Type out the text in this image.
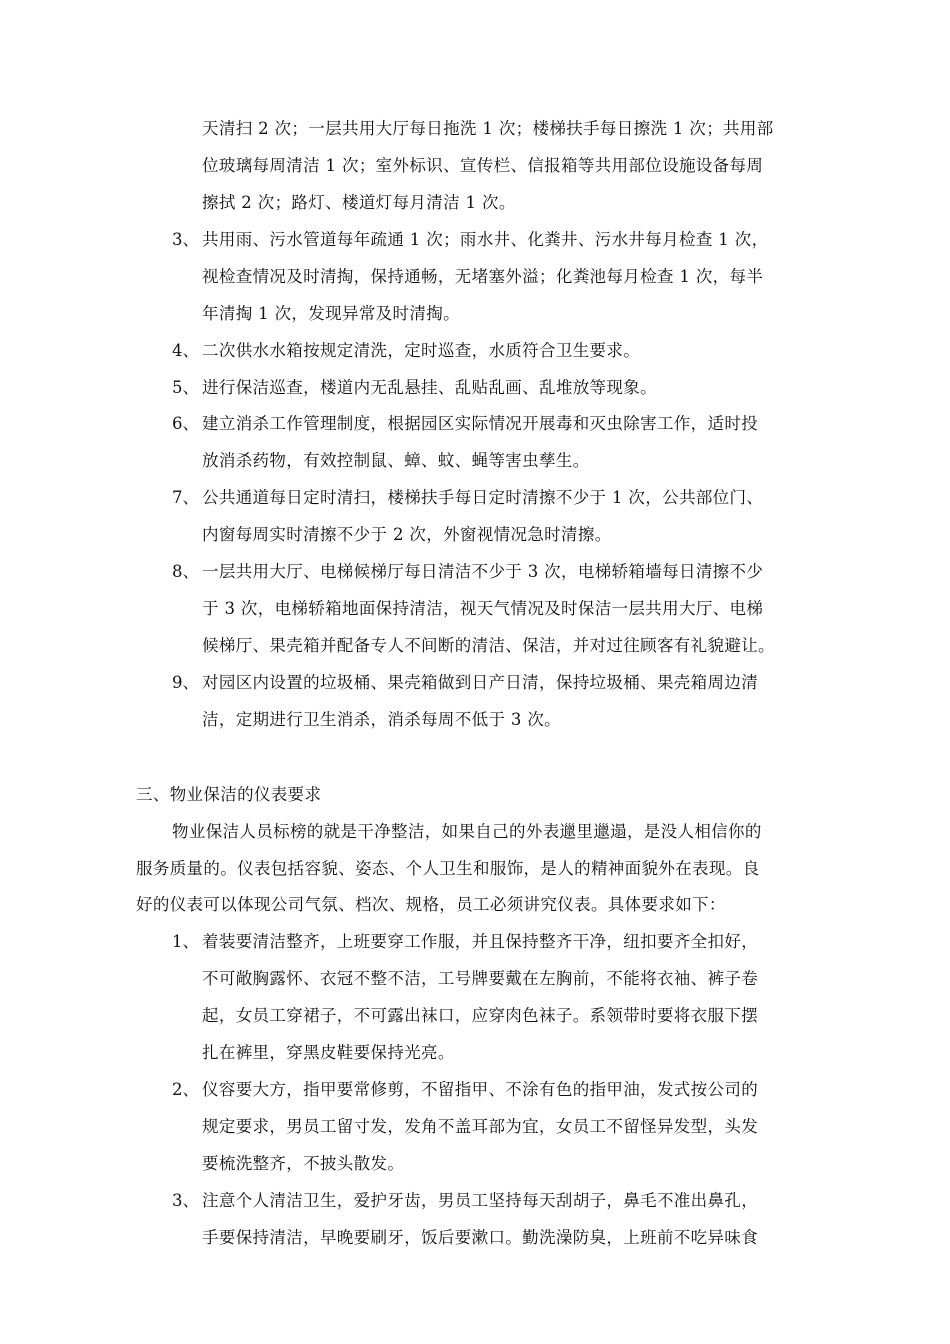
天清扫 2 次；一层共用大厅每日拖洗 1 次；楼梯扶手每日擦洗 1 次；共用部
位玻璃每周清洁 1 次；室外标识、宣传栏、信报箱等共用部位设施设备每周
擦拭 2 次；路灯、楼道灯每月清洁 1 次。
3、 共用雨、污水管道每年疏通 1 次；雨水井、化粪井、污水井每月检查 1 次，
视检查情况及时清掏，保持通畅，无堵塞外溢；化粪池每月检查 1 次，每半
年清掏 1 次，发现异常及时清掏。
4、 二次供水水箱按规定清洗，定时巡查，水质符合卫生要求。
5、 进行保洁巡查，楼道内无乱悬挂、乱贴乱画、乱堆放等现象。
6、 建立消杀工作管理制度，根据园区实际情况开展毒和灭虫除害工作，适时投
放消杀药物，有效控制鼠、蟑、蚊、蝇等害虫孳生。
7、 公共通道每日定时清扫，楼梯扶手每日定时清擦不少于 1 次，公共部位门、
内窗每周实时清擦不少于 2 次，外窗视情况急时清擦。
8、 一层共用大厅、电梯候梯厅每日清洁不少于 3 次，电梯轿箱墙每日清擦不少
于 3 次，电梯轿箱地面保持清洁，视天气情况及时保洁一层共用大厅、电梯
候梯厅、果壳箱并配备专人不间断的清洁、保洁，并对过往顾客有礼貌避让。
9、 对园区内设置的垃圾桶、果壳箱做到日产日清，保持垃圾桶、果壳箱周边清
洁，定期进行卫生消杀，消杀每周不低于 3 次。
三、物业保洁的仪表要求
物业保洁人员标榜的就是干净整洁，如果自己的外表邋里邋遢，是没人相信你的
服务质量的。仪表包括容貌、姿态、个人卫生和服饰，是人的精神面貌外在表现。良
好的仪表可以体现公司气氛、档次、规格，员工必须讲究仪表。具体要求如下：
1、 着装要清洁整齐，上班要穿工作服，并且保持整齐干净，纽扣要齐全扣好，
不可敞胸露怀、衣冠不整不洁，工号牌要戴在左胸前，不能将衣袖、裤子卷
起，女员工穿裙子，不可露出袜口，应穿肉色袜子。系领带时要将衣服下摆
扎在裤里，穿黑皮鞋要保持光亮。
2、 仪容要大方，指甲要常修剪，不留指甲、不涂有色的指甲油，发式按公司的
规定要求，男员工留寸发，发角不盖耳部为宜，女员工不留怪异发型，头发
要梳洗整齐，不披头散发。
3、 注意个人清洁卫生，爱护牙齿，男员工坚持每天刮胡子，鼻毛不准出鼻孔，
手要保持清洁，早晚要刷牙，饭后要漱口。勤洗澡防臭，上班前不吃异味食
